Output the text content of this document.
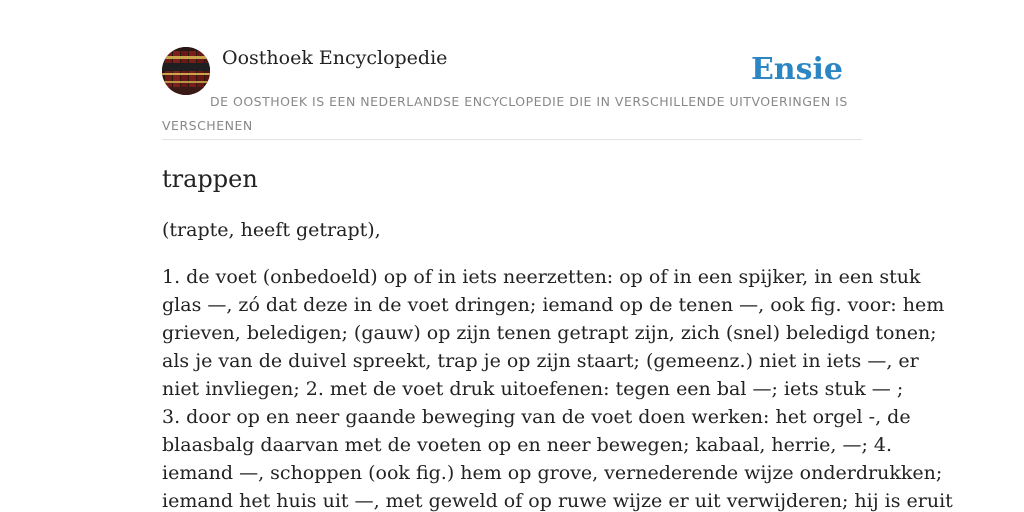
Oosthoek Encyclopedie	Ensie
DE OOSTHOEK IS EEN NEDERLANDSE ENCYCLOPEDIE DIE IN VERSCHILLENDE UITVOERINGEN IS VERSCHENEN
trappen

(trapte, heeft getrapt),

1. de voet (onbedoeld) op of in iets neerzetten: op of in een spijker, in een stuk
glas —, zó dat deze in de voet dringen; iemand op de tenen —, ook fig. voor: hem
grieven, beledigen; (gauw) op zijn tenen getrapt zijn, zich (snel) beledigd tonen;
als je van de duivel spreekt, trap je op zijn staart; (gemeenz.) niet in iets —, er
niet invliegen; 2. met de voet druk uitoefenen: tegen een bal —; iets stuk — ;
3. door op en neer gaande beweging van de voet doen werken: het orgel -, de
blaasbalg daarvan met de voeten op en neer bewegen; kabaal, herrie, —; 4.
iemand —, schoppen (ook fig.) hem op grove, vernederende wijze onderdrukken;
iemand het huis uit —, met geweld of op ruwe wijze er uit verwijderen; hij is eruit
